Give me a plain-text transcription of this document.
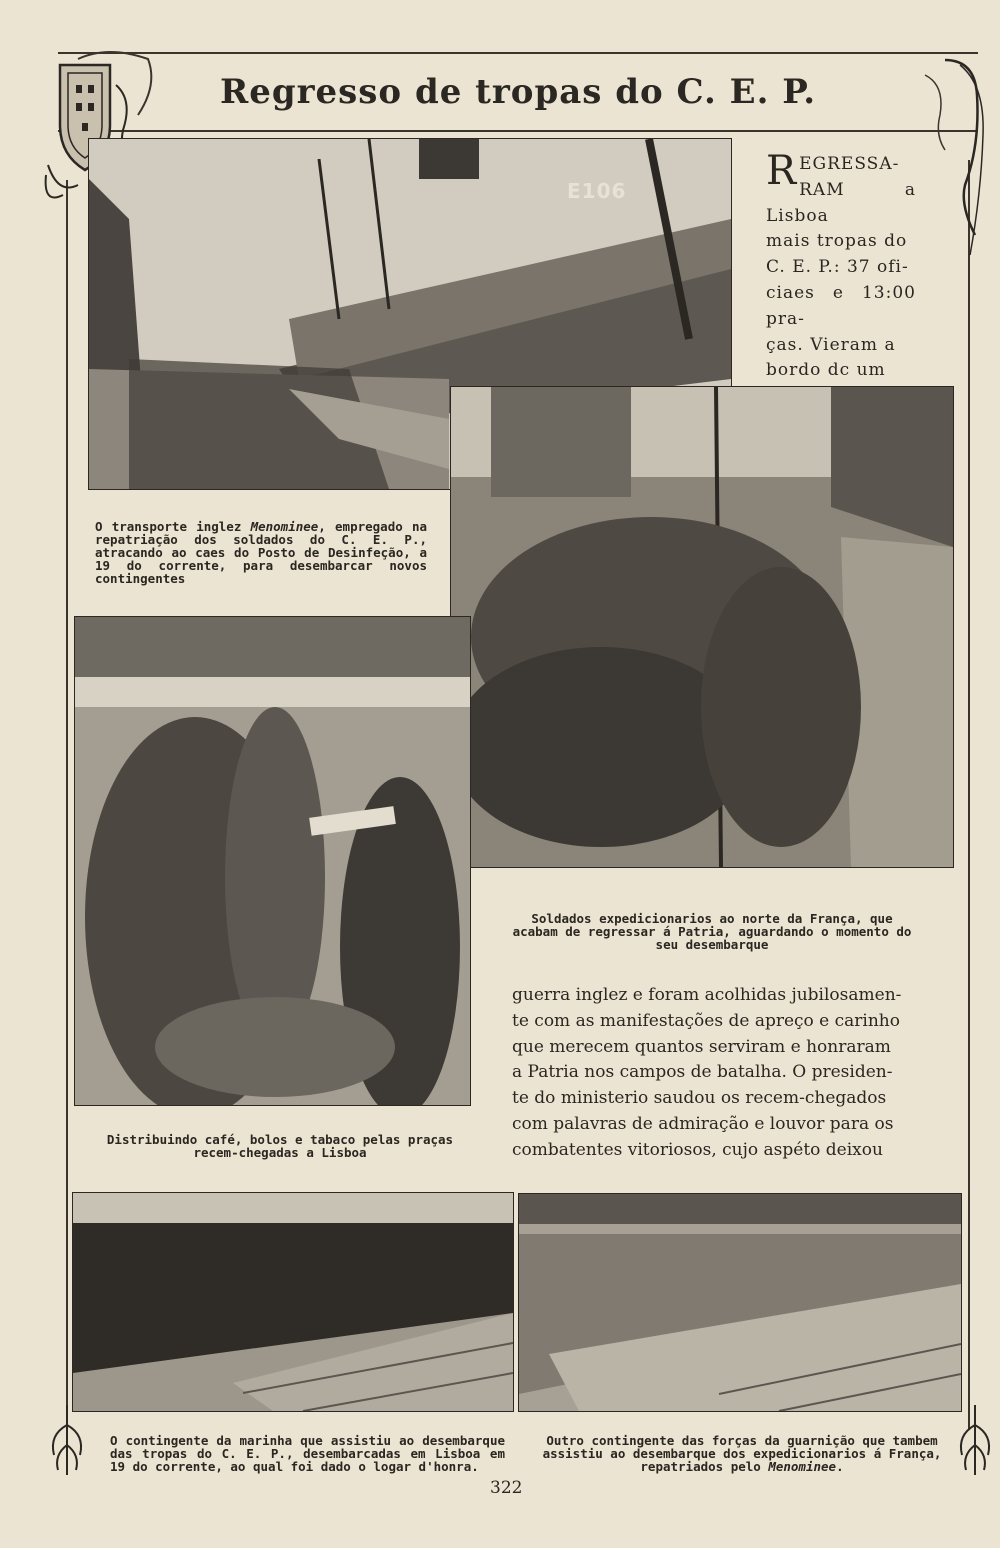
Regresso de tropas do C. E. P.
E106
O transporte inglez Menominee, empregado na repatriação dos soldados do C. E. P., atracando ao caes do Posto de Desinfeção, a 19 do corrente, para desembarcar novos contingentes
R EGRESSA-
RAM a Lisboa
mais tropas do
C. E. P.: 37 ofi-
ciaes e 13:00 pra-
ças. Vieram a
bordo dc um
Soldados expedicionarios ao norte da França, que acabam de regressar á Patria, aguardando o momento do seu desembarque
Distribuindo café, bolos e tabaco pelas praças recem-chegadas a Lisboa
guerra inglez e foram acolhidas jubilosamen-
te com as manifestações de apreço e carinho
que merecem quantos serviram e honraram
a Patria nos campos de batalha. O presiden-
te do ministerio saudou os recem-chegados
com palavras de admiração e louvor para os
combatentes vitoriosos, cujo aspéto deixou
O contingente da marinha que assistiu ao desembarque das tropas do C. E. P., desembarcadas em Lisboa em 19 do corrente, ao qual foi dado o logar d'honra.
Outro contingente das forças da guarnição que tambem assistiu ao desembarque dos expedicionarios á França, repatriados pelo Menominee.
322
